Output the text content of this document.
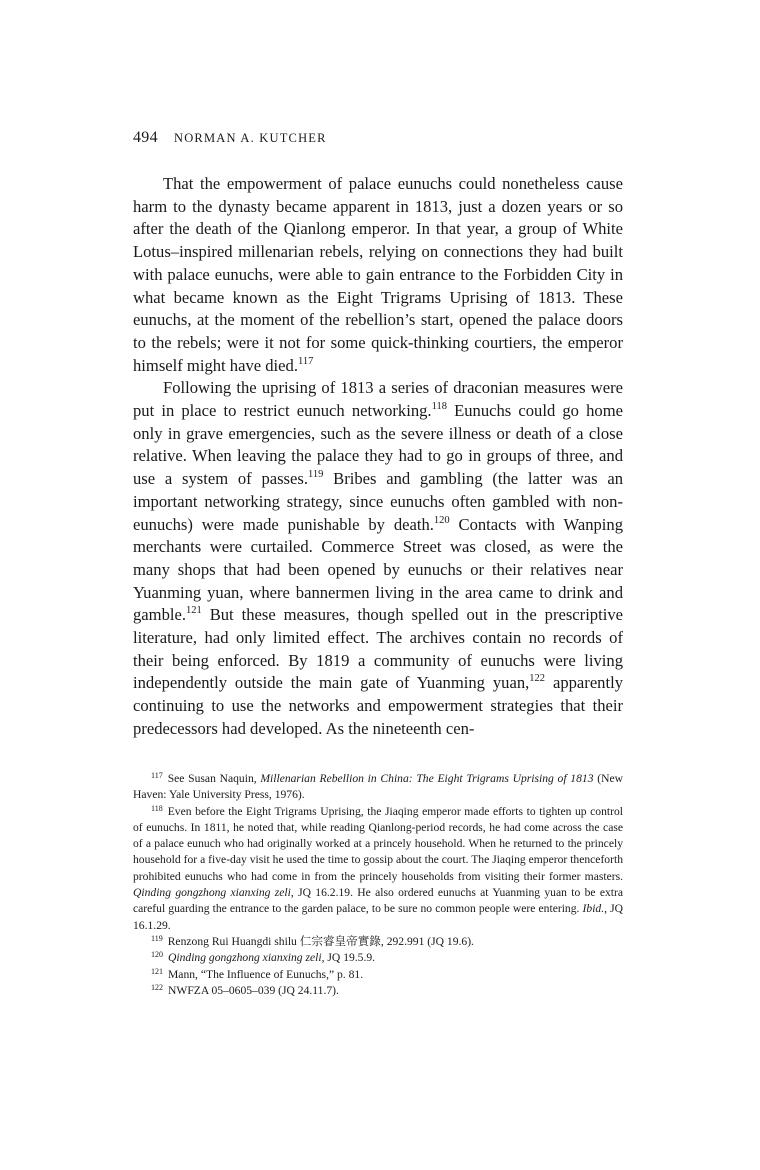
494 NORMAN A. KUTCHER

That the empowerment of palace eunuchs could nonetheless cause harm to the dynasty became apparent in 1813, just a dozen years or so after the death of the Qianlong emperor. In that year, a group of White Lotus–inspired millenarian rebels, relying on connections they had built with palace eunuchs, were able to gain entrance to the Forbidden City in what became known as the Eight Trigrams Uprising of 1813. These eunuchs, at the moment of the rebellion’s start, opened the palace doors to the rebels; were it not for some quick-thinking courtiers, the emperor himself might have died.$^{117}$

Following the uprising of 1813 a series of draconian measures were put in place to restrict eunuch networking.$^{118}$ Eunuchs could go home only in grave emergencies, such as the severe illness or death of a close relative. When leaving the palace they had to go in groups of three, and use a system of passes.$^{119}$ Bribes and gambling (the latter was an important networking strategy, since eunuchs often gambled with non-eunuchs) were made punishable by death.$^{120}$ Contacts with Wanping merchants were curtailed. Commerce Street was closed, as were the many shops that had been opened by eunuchs or their relatives near Yuanming yuan, where bannermen living in the area came to drink and gamble.$^{121}$ But these measures, though spelled out in the prescriptive literature, had only limited effect. The archives contain no records of their being enforced. By 1819 a community of eunuchs were living independently outside the main gate of Yuanming yuan,$^{122}$ apparently continuing to use the networks and empowerment strategies that their predecessors had developed. As the nineteenth cen-

$^{117}$ See Susan Naquin, Millenarian Rebellion in China: The Eight Trigrams Uprising of 1813 (New Haven: Yale University Press, 1976).

$^{118}$ Even before the Eight Trigrams Uprising, the Jiaqing emperor made efforts to tighten up control of eunuchs. In 1811, he noted that, while reading Qianlong-period records, he had come across the case of a palace eunuch who had originally worked at a princely household. When he returned to the princely household for a five-day visit he used the time to gossip about the court. The Jiaqing emperor thenceforth prohibited eunuchs who had come in from the princely households from visiting their former masters. Qinding gongzhong xianxing zeli, JQ 16.2.19. He also ordered eunuchs at Yuanming yuan to be extra careful guarding the entrance to the garden palace, to be sure no common people were entering. Ibid., JQ 16.1.29.

$^{119}$ Renzong Rui Huangdi shilu 仁宗睿皇帝實錄, 292.991 (JQ 19.6).

$^{120}$ Qinding gongzhong xianxing zeli, JQ 19.5.9.

$^{121}$ Mann, “The Influence of Eunuchs,” p. 81.

$^{122}$ NWFZA 05–0605–039 (JQ 24.11.7).
